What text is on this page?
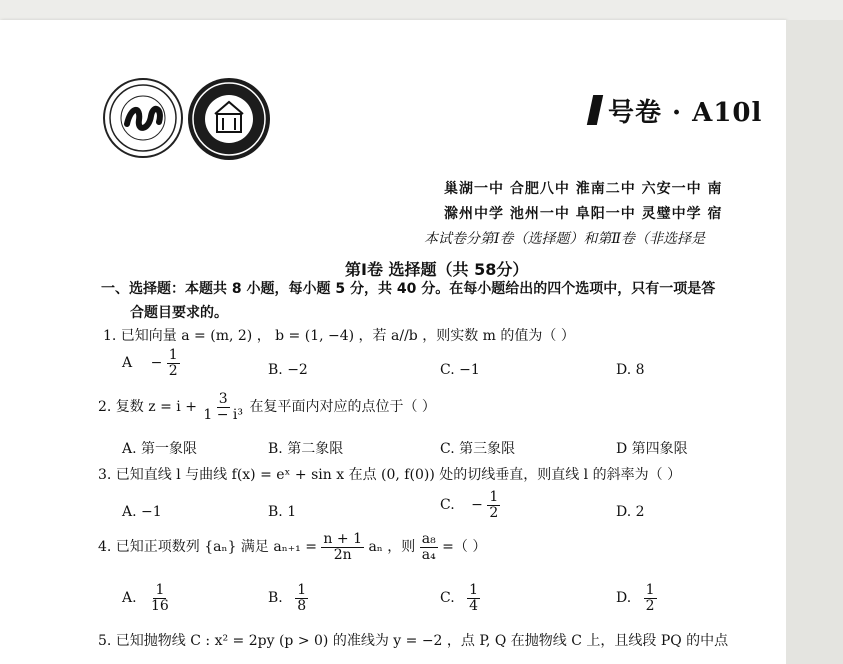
号卷 · A10l
巢湖一中 合肥八中 淮南二中 六安一中 南
滁州中学 池州一中 阜阳一中 灵璧中学 宿
本试卷分第Ⅰ卷（选择题）和第Ⅱ卷（非选择是
第Ⅰ卷 选择题（共 58分）
一、选择题：本题共 8 小题，每小题 5 分，共 40 分。在每小题给出的四个选项中，只有一项是答
合题目要求的。
1. 已知向量 a = (m, 2) ， b = (1, −4) ，若 a//b ，则实数 m 的值为（ ）
$A - \frac{1}{2}$	B. −2	C. −1	D. 8
2. 复数 $z = i + \frac{3}{\text{1 − i³}}$ 在复平面内对应的点位于（ ）
A. 第一象限	B. 第二象限	C. 第三象限	D 第四象限
3. 已知直线 l 与曲线 f(x) = eˣ + sin x 在点 (0, f(0)) 处的切线垂直，则直线 l 的斜率为（ ）
A. −1	B. 1	C. − $\frac{1}{2}$	D. 2
4. 已知正项数列 {aₙ} 满足 $a_{n+1} = \frac{n + 1}{2n}$ aₙ ，则 $\frac{\text{a₈}}{\text{a₄}}$ =（ ）
A. $\frac{1}{16}$	B. $\frac{1}{8}$	C. $\frac{1}{4}$	D. $\frac{1}{2}$
5. 已知抛物线 C : x² = 2py (p > 0) 的准线为 y = −2 ，点 P, Q 在抛物线 C 上，且线段 PQ 的中点
